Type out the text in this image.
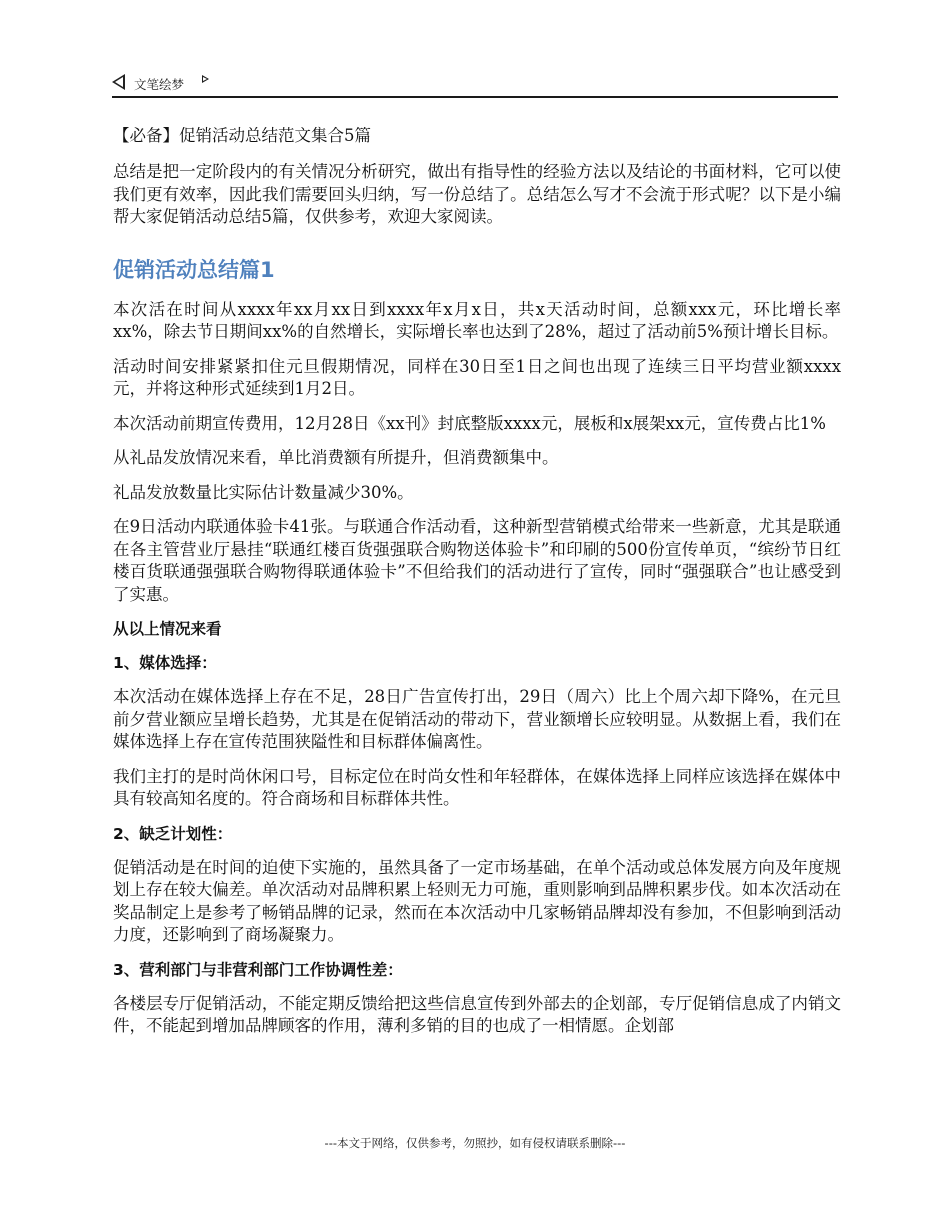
文笔绘梦
【必备】促销活动总结范文集合5篇

总结是把一定阶段内的有关情况分析研究，做出有指导性的经验方法以及结论的书面材料，它可以使我们更有效率，因此我们需要回头归纳，写一份总结了。总结怎么写才不会流于形式呢？以下是小编帮大家促销活动总结5篇，仅供参考，欢迎大家阅读。

促销活动总结篇1

本次活在时间从xxxx年xx月xx日到xxxx年x月x日，共x天活动时间，总额xxx元，环比增长率xx%，除去节日期间xx%的自然增长，实际增长率也达到了28%，超过了活动前5%预计增长目标。

活动时间安排紧紧扣住元旦假期情况，同样在30日至1日之间也出现了连续三日平均营业额xxxx元，并将这种形式延续到1月2日。

本次活动前期宣传费用，12月28日《xx刊》封底整版xxxx元，展板和x展架xx元，宣传费占比1%

从礼品发放情况来看，单比消费额有所提升，但消费额集中。

礼品发放数量比实际估计数量减少30%。

在9日活动内联通体验卡41张。与联通合作活动看，这种新型营销模式给带来一些新意，尤其是联通在各主管营业厅悬挂“联通红楼百货强强联合购物送体验卡”和印刷的500份宣传单页，“缤纷节日红楼百货联通强强联合购物得联通体验卡”不但给我们的活动进行了宣传，同时“强强联合”也让感受到了实惠。

从以上情况来看
1、媒体选择：

本次活动在媒体选择上存在不足，28日广告宣传打出，29日（周六）比上个周六却下降%，在元旦前夕营业额应呈增长趋势，尤其是在促销活动的带动下，营业额增长应较明显。从数据上看，我们在媒体选择上存在宣传范围狭隘性和目标群体偏离性。

我们主打的是时尚休闲口号，目标定位在时尚女性和年轻群体，在媒体选择上同样应该选择在媒体中具有较高知名度的。符合商场和目标群体共性。

2、缺乏计划性：

促销活动是在时间的迫使下实施的，虽然具备了一定市场基础，在单个活动或总体发展方向及年度规划上存在较大偏差。单次活动对品牌积累上轻则无力可施，重则影响到品牌积累步伐。如本次活动在奖品制定上是参考了畅销品牌的记录，然而在本次活动中几家畅销品牌却没有参加，不但影响到活动力度，还影响到了商场凝聚力。

3、营利部门与非营利部门工作协调性差：

各楼层专厅促销活动，不能定期反馈给把这些信息宣传到外部去的企划部，专厅促销信息成了内销文件，不能起到增加品牌顾客的作用，薄利多销的目的也成了一相情愿。企划部

---本文于网络，仅供参考，勿照抄，如有侵权请联系删除---
